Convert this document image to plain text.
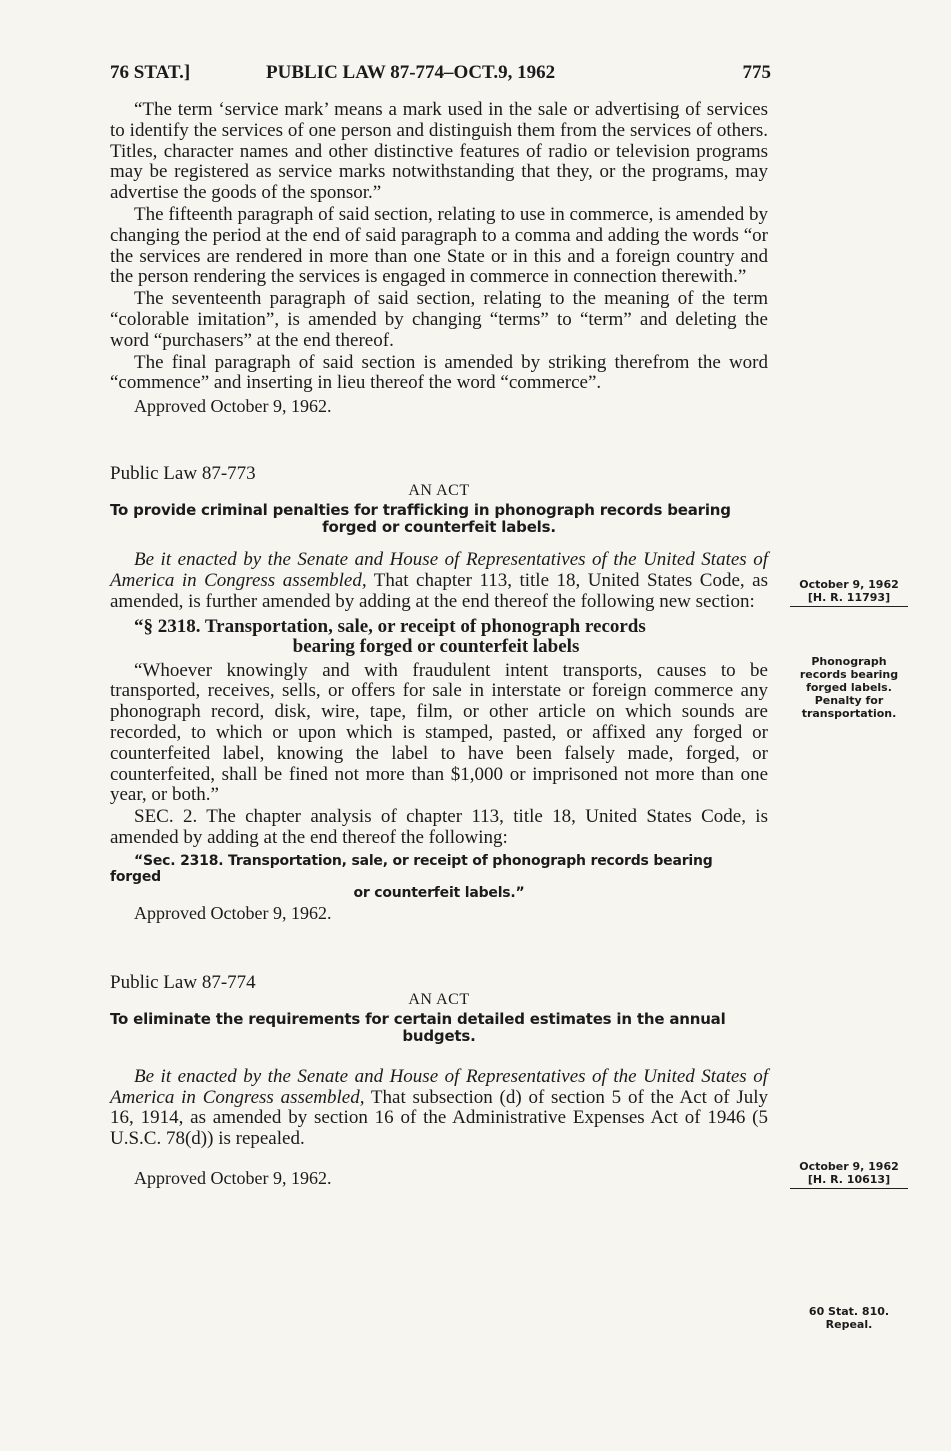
76 STAT.]	PUBLIC LAW 87-774–OCT.9, 1962	775

“The term ‘service mark’ means a mark used in the sale or advertising of services to identify the services of one person and distinguish them from the services of others. Titles, character names and other distinctive features of radio or television programs may be registered as service marks notwithstanding that they, or the programs, may advertise the goods of the sponsor.”

The fifteenth paragraph of said section, relating to use in commerce, is amended by changing the period at the end of said paragraph to a comma and adding the words “or the services are rendered in more than one State or in this and a foreign country and the person rendering the services is engaged in commerce in connection therewith.”

The seventeenth paragraph of said section, relating to the meaning of the term “colorable imitation”, is amended by changing “terms” to “term” and deleting the word “purchasers” at the end thereof.

The final paragraph of said section is amended by striking therefrom the word “commence” and inserting in lieu thereof the word “commerce”.

Approved October 9, 1962.

Public Law 87-773

AN ACT

To provide criminal penalties for trafficking in phonograph records bearing
forged or counterfeit labels.

Be it enacted by the Senate and House of Representatives of the United States of America in Congress assembled, That chapter 113, title 18, United States Code, as amended, is further amended by adding at the end thereof the following new section:

“§ 2318. Transportation, sale, or receipt of phonograph records
bearing forged or counterfeit labels

“Whoever knowingly and with fraudulent intent transports, causes to be transported, receives, sells, or offers for sale in interstate or foreign commerce any phonograph record, disk, wire, tape, film, or other article on which sounds are recorded, to which or upon which is stamped, pasted, or affixed any forged or counterfeited label, knowing the label to have been falsely made, forged, or counterfeited, shall be fined not more than $1,000 or imprisoned not more than one year, or both.”

SEC. 2. The chapter analysis of chapter 113, title 18, United States Code, is amended by adding at the end thereof the following:

“Sec. 2318. Transportation, sale, or receipt of phonograph records bearing forged
or counterfeit labels.”

Approved October 9, 1962.

Public Law 87-774

AN ACT

To eliminate the requirements for certain detailed estimates in the annual
budgets.

Be it enacted by the Senate and House of Representatives of the United States of America in Congress assembled, That subsection (d) of section 5 of the Act of July 16, 1914, as amended by section 16 of the Administrative Expenses Act of 1946 (5 U.S.C. 78(d)) is repealed.

Approved October 9, 1962.

October 9, 1962

[H. R. 11793]
Phonograph records bearing forged labels.
Penalty for transportation.
October 9, 1962

[H. R. 10613]
60 Stat. 810.
Repeal.
